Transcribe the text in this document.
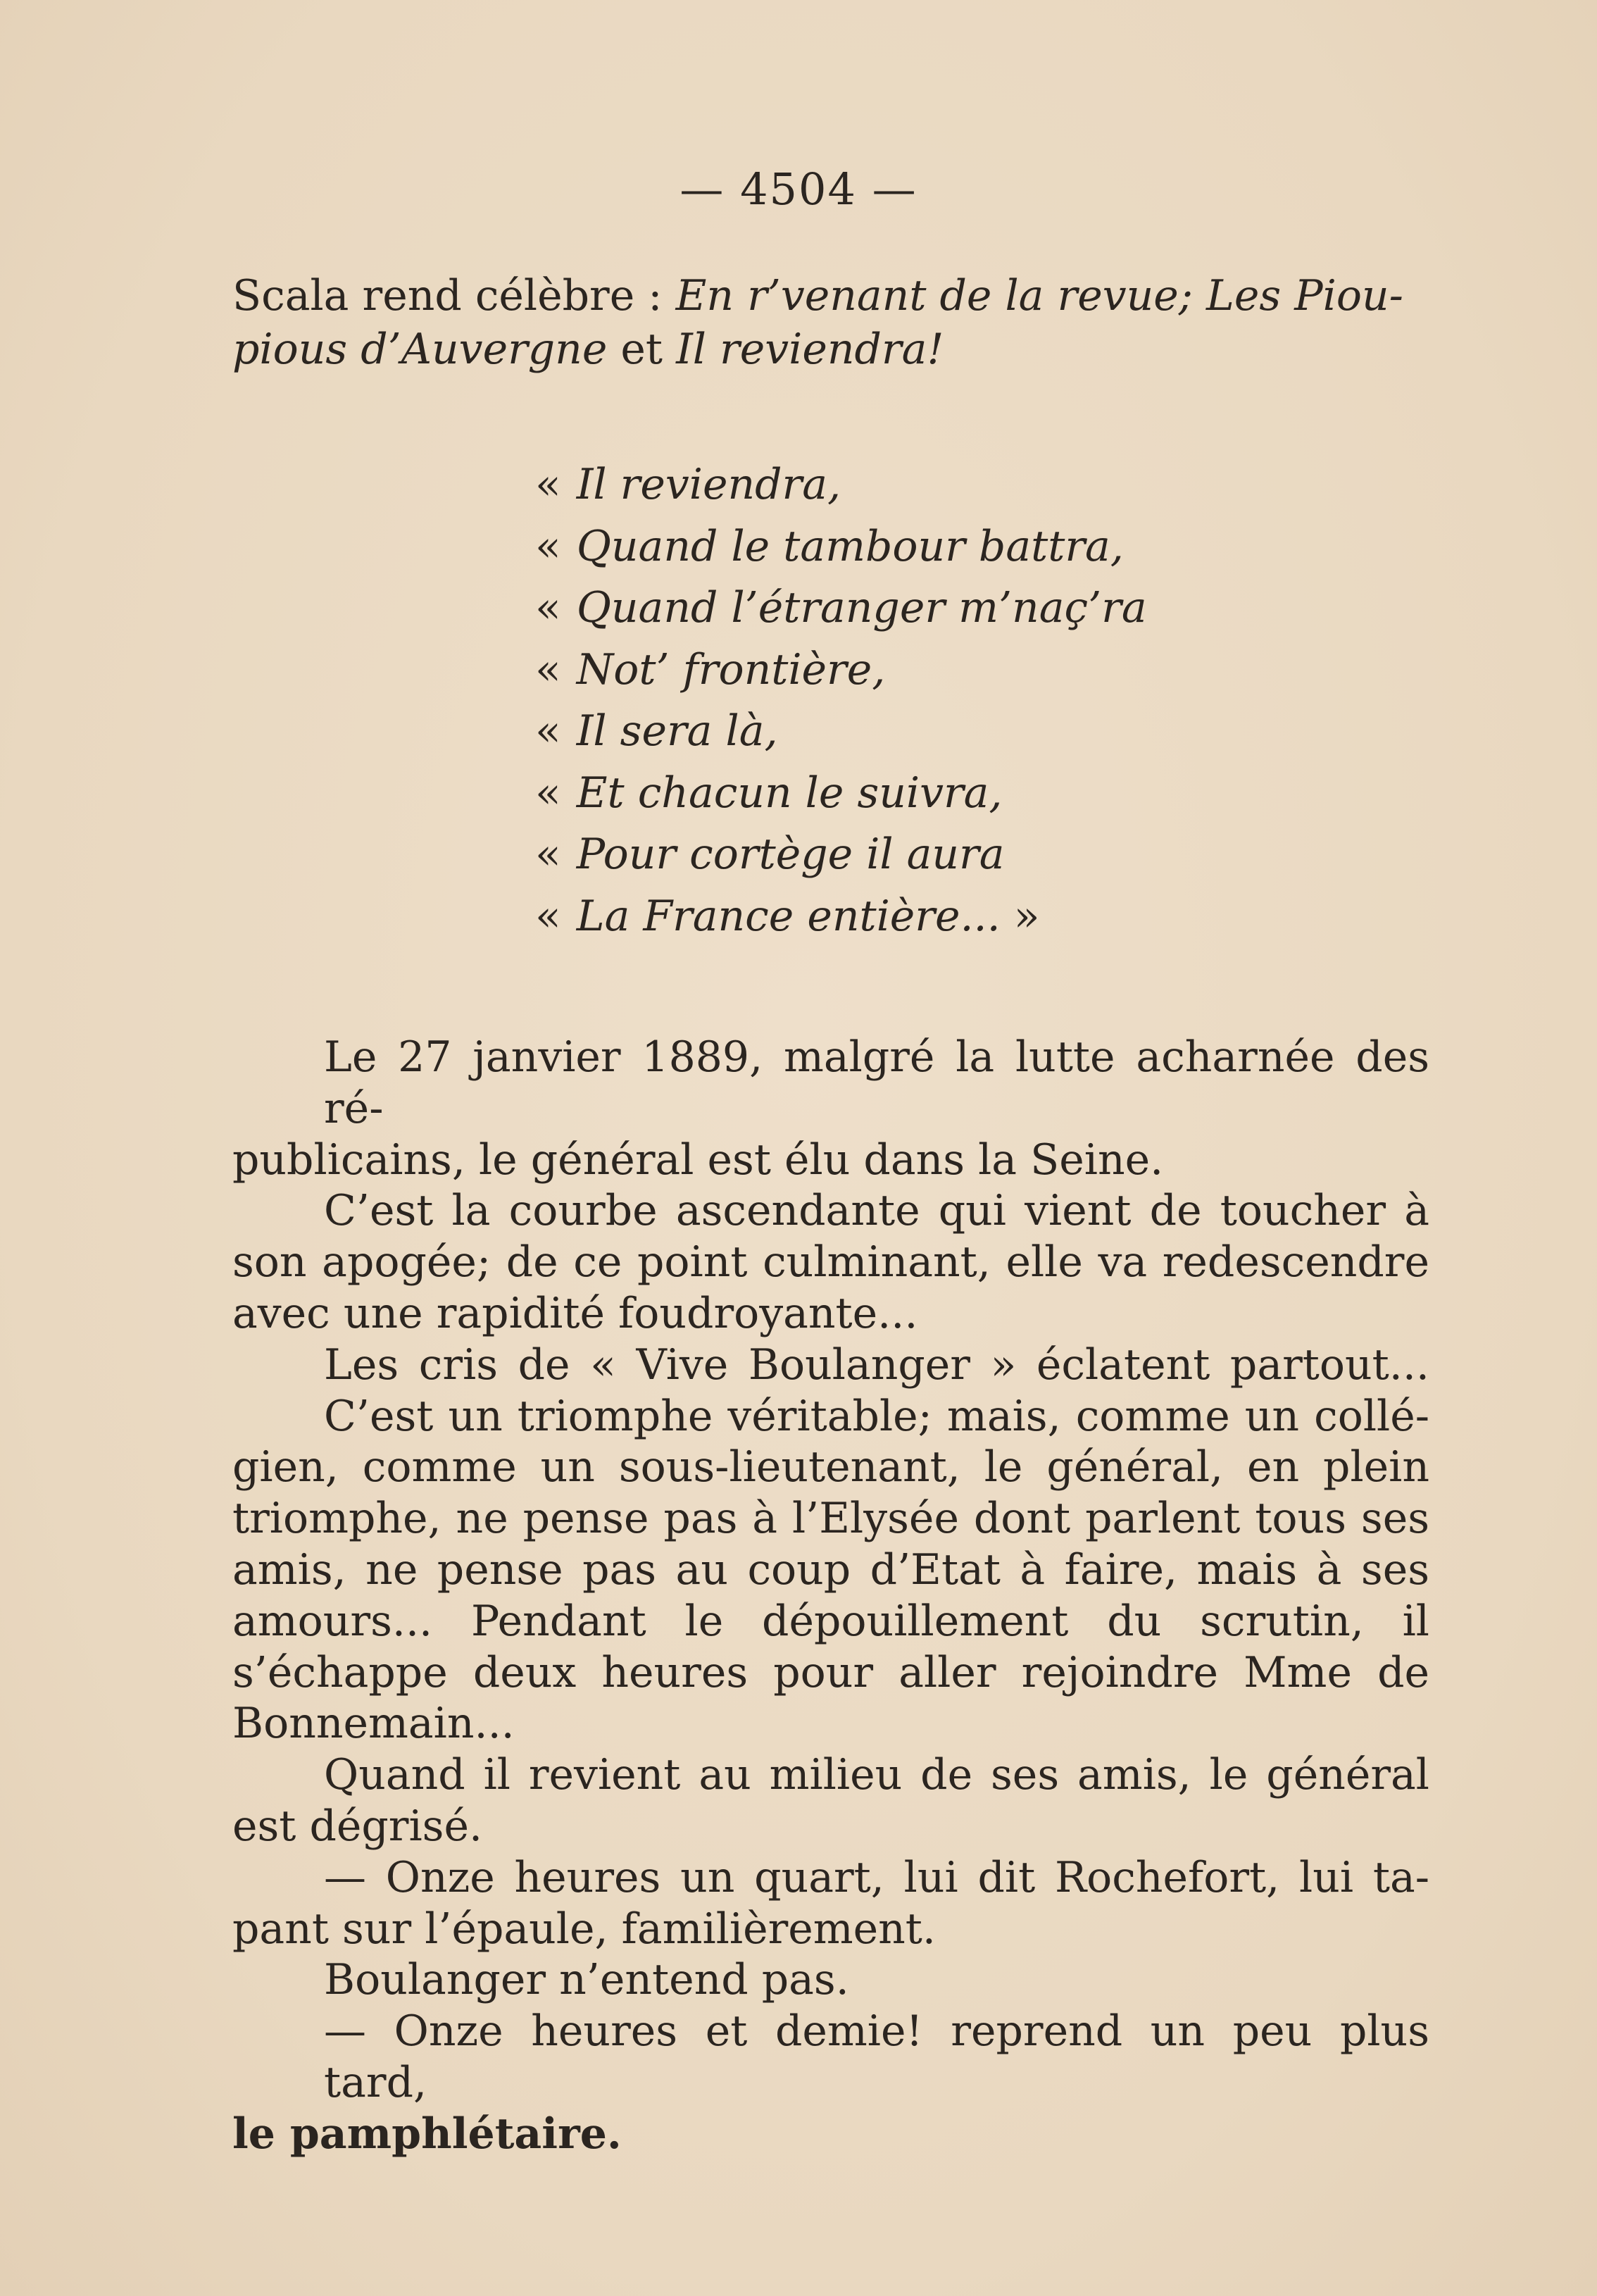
— 4504 —
Scala rend célèbre : En r’venant de la revue; Les Piou-
pious d’Auvergne et Il reviendra!
« Il reviendra,
« Quand le tambour battra,
« Quand l’étranger m’naç’ra
« Not’ frontière,
« Il sera là,
« Et chacun le suivra,
« Pour cortège il aura
« La France entière... »
Le 27 janvier 1889, malgré la lutte acharnée des ré-
publicains, le général est élu dans la Seine.
C’est la courbe ascendante qui vient de toucher à
son apogée; de ce point culminant, elle va redescendre
avec une rapidité foudroyante...
Les cris de « Vive Boulanger » éclatent partout...
C’est un triomphe véritable; mais, comme un collé-
gien, comme un sous-lieutenant, le général, en plein
triomphe, ne pense pas à l’Elysée dont parlent tous ses
amis, ne pense pas au coup d’Etat à faire, mais à ses
amours... Pendant le dépouillement du scrutin, il
s’échappe deux heures pour aller rejoindre Mme de
Bonnemain...
Quand il revient au milieu de ses amis, le général
est dégrisé.
— Onze heures un quart, lui dit Rochefort, lui ta-
pant sur l’épaule, familièrement.
Boulanger n’entend pas.
— Onze heures et demie! reprend un peu plus tard,
le pamphlétaire.
